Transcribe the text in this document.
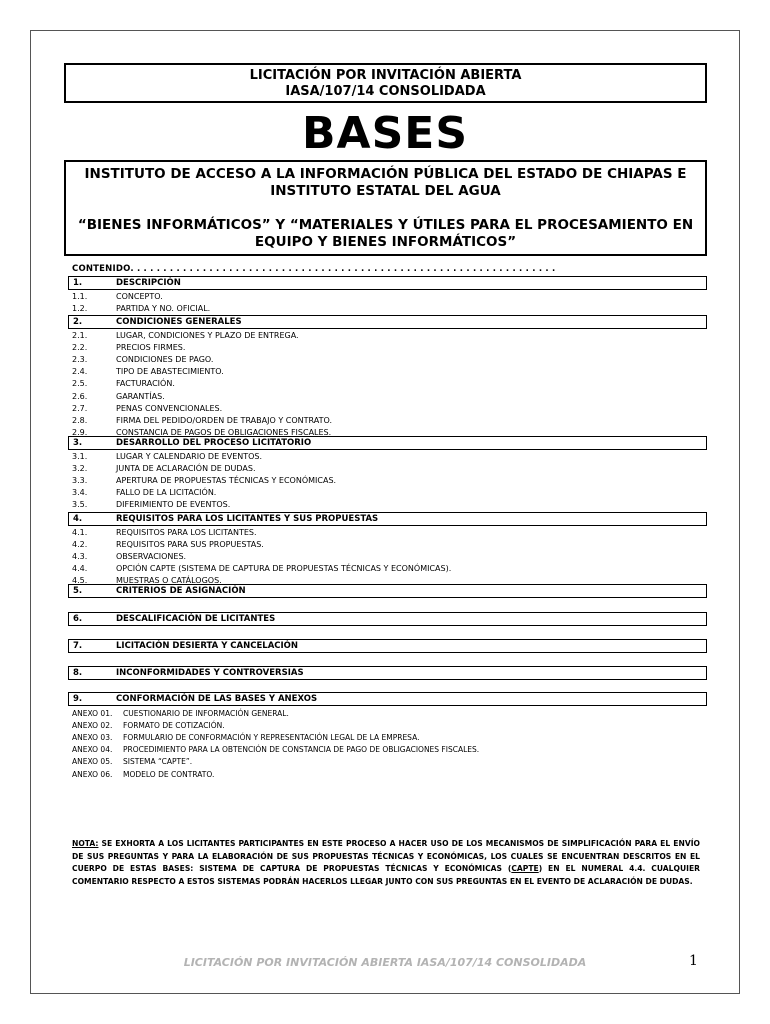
LICITACIÓN POR INVITACIÓN ABIERTA
IASA/107/14 CONSOLIDADA
BASES
INSTITUTO DE ACCESO A LA INFORMACIÓN PÚBLICA DEL ESTADO DE CHIAPAS E
INSTITUTO ESTATAL DEL AGUA
“BIENES INFORMÁTICOS” Y “MATERIALES Y ÚTILES PARA EL PROCESAMIENTO EN
EQUIPO Y BIENES INFORMÁTICOS”
CONTENIDO. . . . . . . . . . . . . . . . . . . . . . . . . . . . . . . . . . . . . . . . . . . . . . . . . . . . . . . . . . . . . . . . .
1.	DESCRIPCIÓN
1.1.	CONCEPTO.
1.2.	PARTIDA Y NO. OFICIAL.
2.	CONDICIONES GENERALES
2.1.	LUGAR, CONDICIONES Y PLAZO DE ENTREGA.
2.2.	PRECIOS FIRMES.
2.3.	CONDICIONES DE PAGO.
2.4.	TIPO DE ABASTECIMIENTO.
2.5.	FACTURACIÓN.
2.6.	GARANTÍAS.
2.7.	PENAS CONVENCIONALES.
2.8.	FIRMA DEL PEDIDO/ORDEN DE TRABAJO Y CONTRATO.
2.9.	CONSTANCIA DE PAGOS DE OBLIGACIONES FISCALES.
3.	DESARROLLO DEL PROCESO LICITATORIO
3.1.	LUGAR Y CALENDARIO DE EVENTOS.
3.2.	JUNTA DE ACLARACIÓN DE DUDAS.
3.3.	APERTURA DE PROPUESTAS TÉCNICAS Y ECONÓMICAS.
3.4.	FALLO DE LA LICITACIÓN.
3.5.	DIFERIMIENTO DE EVENTOS.
4.	REQUISITOS PARA LOS LICITANTES Y SUS PROPUESTAS
4.1.	REQUISITOS PARA LOS LICITANTES.
4.2.	REQUISITOS PARA SUS PROPUESTAS.
4.3.	OBSERVACIONES.
4.4.	OPCIÓN CAPTE (SISTEMA DE CAPTURA DE PROPUESTAS TÉCNICAS Y ECONÓMICAS).
4.5.	MUESTRAS O CATÁLOGOS.
5.	CRITERIOS DE ASIGNACIÓN
6.	DESCALIFICACIÓN DE LICITANTES
7.	LICITACIÓN DESIERTA Y CANCELACIÓN
8.	INCONFORMIDADES Y CONTROVERSIAS
9.	CONFORMACIÓN DE LAS BASES Y ANEXOS
ANEXO 01. CUESTIONARIO DE INFORMACIÓN GENERAL.
ANEXO 02. FORMATO DE COTIZACIÓN.
ANEXO 03. FORMULARIO DE CONFORMACIÓN Y REPRESENTACIÓN LEGAL DE LA EMPRESA.
ANEXO 04. PROCEDIMIENTO PARA LA OBTENCIÓN DE CONSTANCIA DE PAGO DE OBLIGACIONES FISCALES.
ANEXO 05. SISTEMA “CAPTE”.
ANEXO 06. MODELO DE CONTRATO.
NOTA: SE EXHORTA A LOS LICITANTES PARTICIPANTES EN ESTE PROCESO A HACER USO DE LOS MECANISMOS DE SIMPLIFICACIÓN PARA EL ENVÍO DE SUS PREGUNTAS Y PARA LA ELABORACIÓN DE SUS PROPUESTAS TÉCNICAS Y ECONÓMICAS, LOS CUALES SE ENCUENTRAN DESCRITOS EN EL CUERPO DE ESTAS BASES: SISTEMA DE CAPTURA DE PROPUESTAS TÉCNICAS Y ECONÓMICAS (CAPTE) EN EL NUMERAL 4.4. CUALQUIER COMENTARIO RESPECTO A ESTOS SISTEMAS PODRÁN HACERLOS LLEGAR JUNTO CON SUS PREGUNTAS EN EL EVENTO DE ACLARACIÓN DE DUDAS.
LICITACIÓN POR INVITACIÓN ABIERTA IASA/107/14 CONSOLIDADA	1
